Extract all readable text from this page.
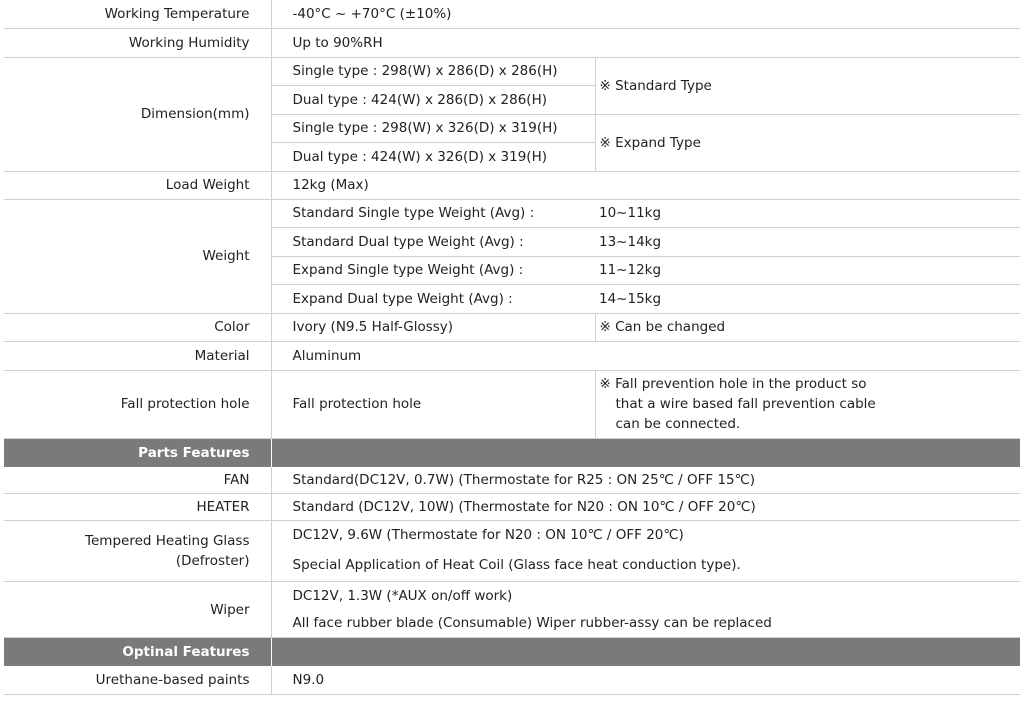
Working Temperature	-40°C ~ +70°C (±10%)	
Working Humidity	Up to 90%RH	
Dimension(mm)	Single type : 298(W) x 286(D) x 286(H)	※ Standard Type
	Dual type : 424(W) x 286(D) x 286(H)	
	Single type : 298(W) x 326(D) x 319(H)	※ Expand Type
	Dual type : 424(W) x 326(D) x 319(H)	
Load Weight	12kg (Max)	
Weight	Standard Single type Weight (Avg) :	10~11kg
	Standard Dual type Weight (Avg) :	13~14kg
	Expand Single type Weight (Avg) :	11~12kg
	Expand Dual type Weight (Avg) :	14~15kg
Color	Ivory (N9.5 Half-Glossy)	※ Can be changed
Material	Aluminum	
Fall protection hole	Fall protection hole	※ Fall prevention hole in the product so
that a wire based fall prevention cable
can be connected.

Parts Features		
FAN	Standard(DC12V, 0.7W) (Thermostate for R25 : ON 25℃ / OFF 15℃)	
HEATER	Standard (DC12V, 10W) (Thermostate for N20 : ON 10℃ / OFF 20℃)	
Tempered Heating Glass
(Defroster)	DC12V, 9.6W (Thermostate for N20 : ON 10℃ / OFF 20℃)	
	Special Application of Heat Coil (Glass face heat conduction type).	
Wiper	DC12V, 1.3W (*AUX on/off work)	
	All face rubber blade (Consumable) Wiper rubber-assy can be replaced	
Optinal Features		
Urethane-based paints	N9.0	
